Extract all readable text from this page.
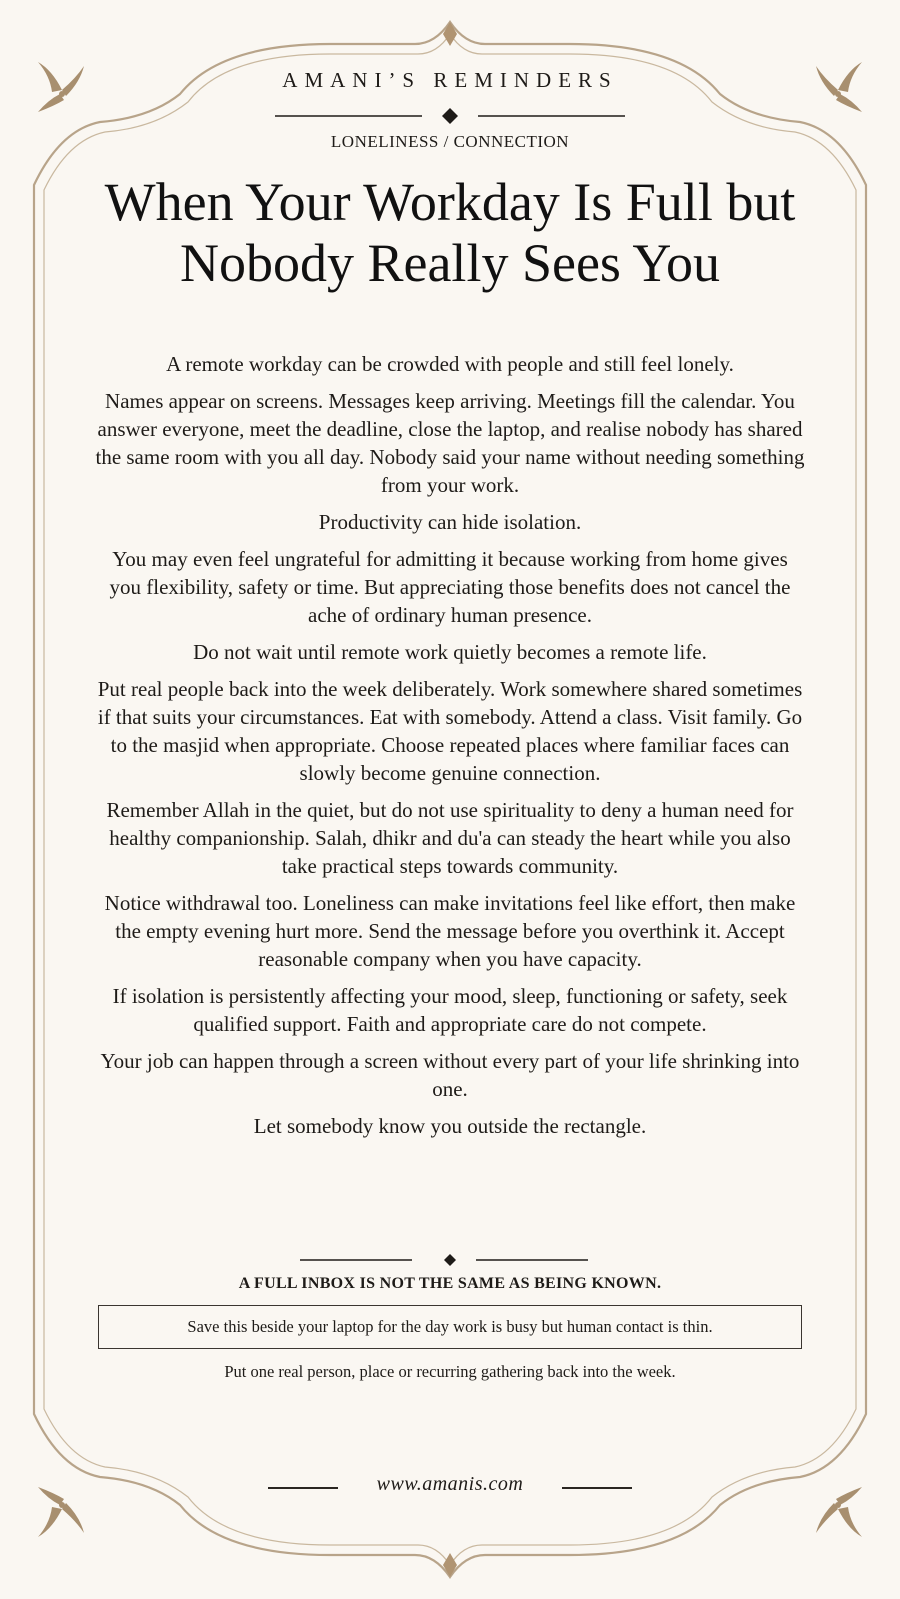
AMANI’S REMINDERS
LONELINESS / CONNECTION
When Your Workday Is Full but Nobody Really Sees You

A remote workday can be crowded with people and still feel lonely.

Names appear on screens. Messages keep arriving. Meetings fill the calendar. You answer everyone, meet the deadline, close the laptop, and realise nobody has shared the same room with you all day. Nobody said your name without needing something from your work.

Productivity can hide isolation.

You may even feel ungrateful for admitting it because working from home gives you flexibility, safety or time. But appreciating those benefits does not cancel the ache of ordinary human presence.

Do not wait until remote work quietly becomes a remote life.

Put real people back into the week deliberately. Work somewhere shared sometimes if that suits your circumstances. Eat with somebody. Attend a class. Visit family. Go to the masjid when appropriate. Choose repeated places where familiar faces can slowly become genuine connection.

Remember Allah in the quiet, but do not use spirituality to deny a human need for healthy companionship. Salah, dhikr and du'a can steady the heart while you also take practical steps towards community.

Notice withdrawal too. Loneliness can make invitations feel like effort, then make the empty evening hurt more. Send the message before you overthink it. Accept reasonable company when you have capacity.

If isolation is persistently affecting your mood, sleep, functioning or safety, seek qualified support. Faith and appropriate care do not compete.

Your job can happen through a screen without every part of your life shrinking into one.

Let somebody know you outside the rectangle.

A FULL INBOX IS NOT THE SAME AS BEING KNOWN.
Save this beside your laptop for the day work is busy but human contact is thin.
Put one real person, place or recurring gathering back into the week.
www.amanis.com
